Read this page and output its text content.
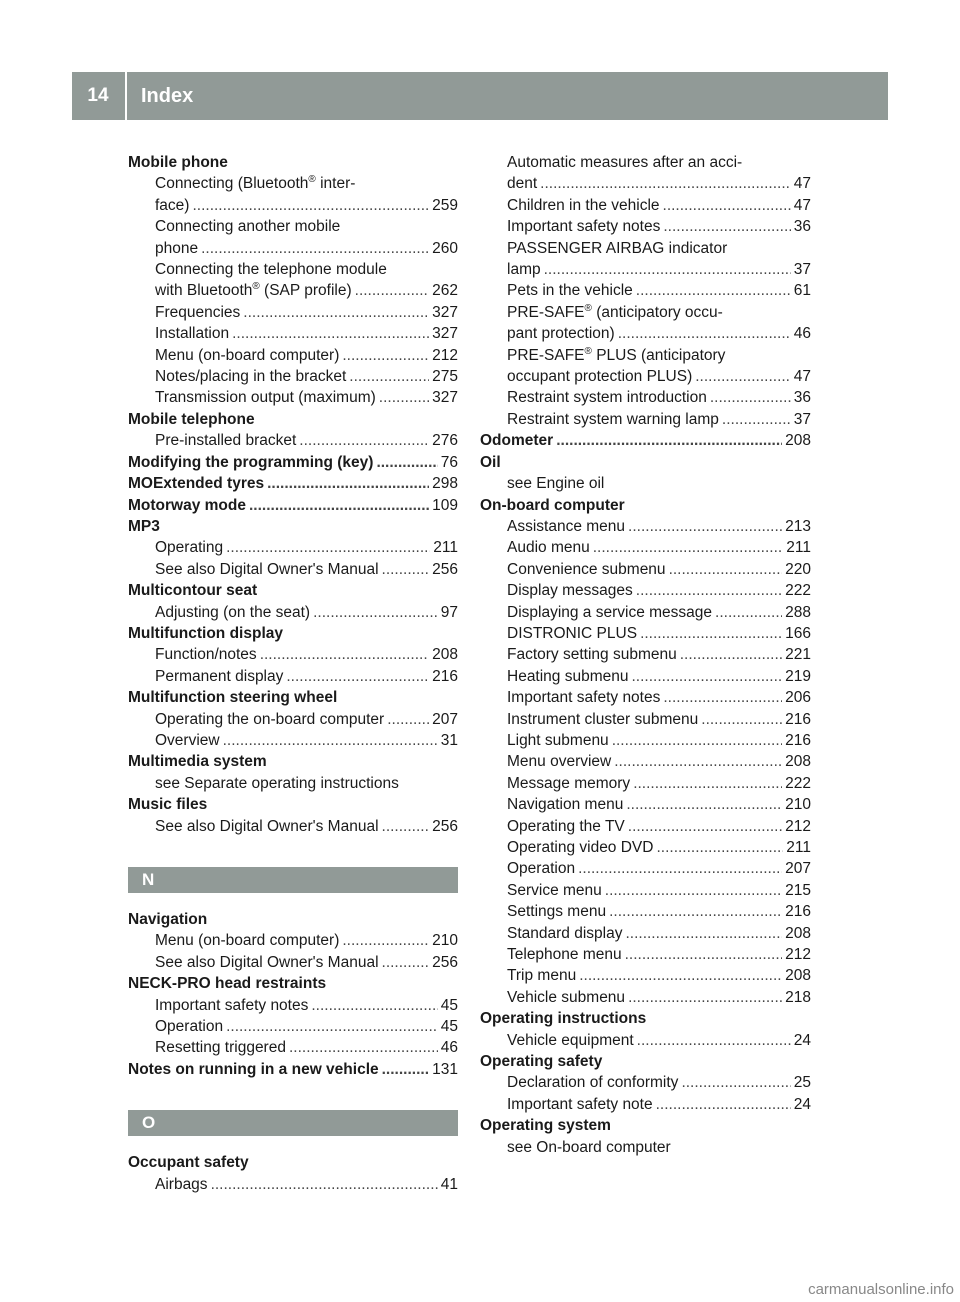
14	Index
Mobile phone
Connecting (Bluetooth® inter-
face) .....	259
Connecting another mobile
phone .....	260
Connecting the telephone module
with Bluetooth® (SAP profile) .....	262
Frequencies .....	327
Installation .....	327
Menu (on-board computer) .....	212
Notes/placing in the bracket .....	275
Transmission output (maximum) .....	327
Mobile telephone
Pre-installed bracket .....	276
Modifying the programming (key) .....	76
MOExtended tyres .....	298
Motorway mode .....	109
MP3
Operating .....	211
See also Digital Owner's Manual .....	256
Multicontour seat
Adjusting (on the seat) .....	97
Multifunction display
Function/notes .....	208
Permanent display .....	216
Multifunction steering wheel
Operating the on-board computer .....	207
Overview .....	31
Multimedia system
see Separate operating instructions
Music files
See also Digital Owner's Manual .....	256
N
Navigation
Menu (on-board computer) .....	210
See also Digital Owner's Manual .....	256
NECK-PRO head restraints
Important safety notes .....	45
Operation .....	45
Resetting triggered .....	46
Notes on running in a new vehicle .....	131
O
Occupant safety
Airbags .....	41
Automatic measures after an acci-
dent .....	47
Children in the vehicle .....	47
Important safety notes .....	36
PASSENGER AIRBAG indicator
lamp .....	37
Pets in the vehicle .....	61
PRE-SAFE® (anticipatory occu-
pant protection) .....	46
PRE-SAFE® PLUS (anticipatory
occupant protection PLUS) .....	47
Restraint system introduction .....	36
Restraint system warning lamp .....	37
Odometer .....	208
Oil
see Engine oil
On-board computer
Assistance menu .....	213
Audio menu .....	211
Convenience submenu .....	220
Display messages .....	222
Displaying a service message .....	288
DISTRONIC PLUS .....	166
Factory setting submenu .....	221
Heating submenu .....	219
Important safety notes .....	206
Instrument cluster submenu .....	216
Light submenu .....	216
Menu overview .....	208
Message memory .....	222
Navigation menu .....	210
Operating the TV .....	212
Operating video DVD .....	211
Operation .....	207
Service menu .....	215
Settings menu .....	216
Standard display .....	208
Telephone menu .....	212
Trip menu .....	208
Vehicle submenu .....	218
Operating instructions
Vehicle equipment .....	24
Operating safety
Declaration of conformity .....	25
Important safety note .....	24
Operating system
see On-board computer
carmanualsonline.info
